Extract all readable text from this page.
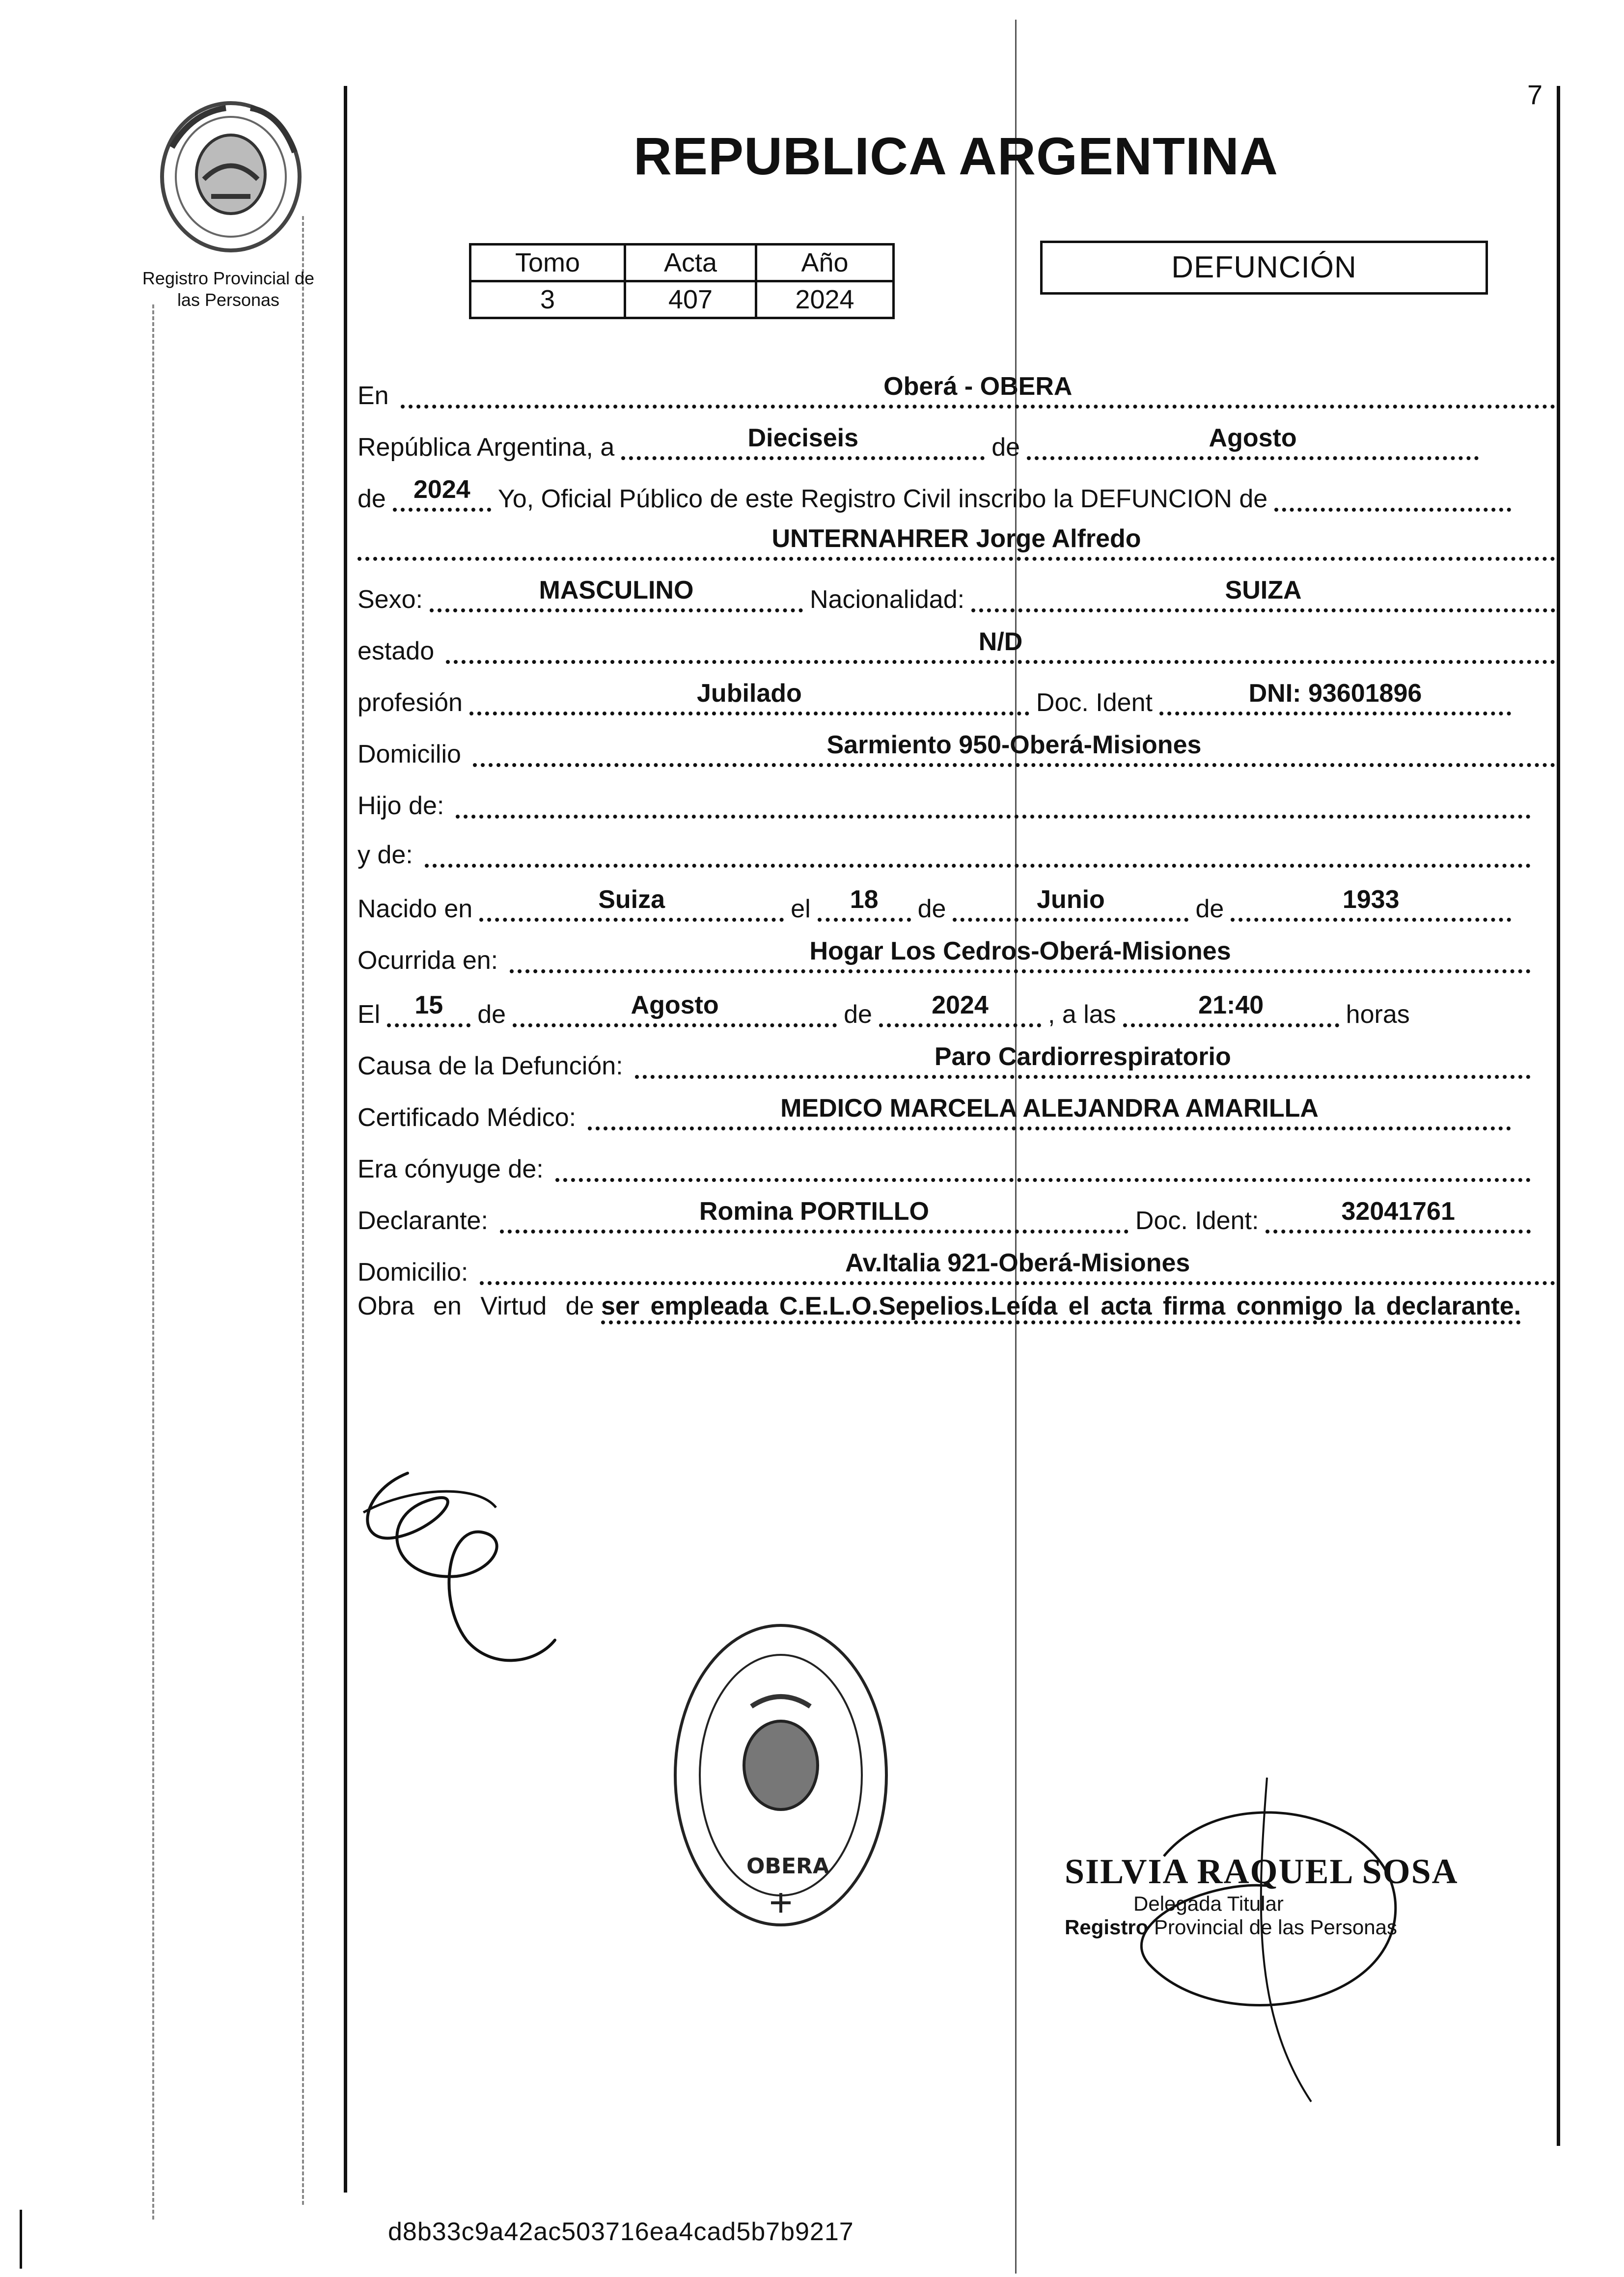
Registro Provincial de
las Personas
REPUBLICA ARGENTINA
7
Tomo	Acta	Año
3	407	2024
DEFUNCIÓN
En	Oberá - OBERA
República Argentina, a	Dieciseis	de	Agosto
de	2024	Yo, Oficial Público de este Registro Civil inscribo la DEFUNCION de
UNTERNAHRER Jorge Alfredo
Sexo:	MASCULINO	Nacionalidad:	SUIZA
estado	N/D
profesión	Jubilado	Doc. Ident	DNI: 93601896
Domicilio	Sarmiento 950-Oberá-Misiones
Hijo de:
y de:
Nacido en	Suiza	el	18	de	Junio	de	1933
Ocurrida en:	Hogar Los Cedros-Oberá-Misiones
El	15	de	Agosto	de	2024	, a las	21:40	horas
Causa de la Defunción:	Paro Cardiorrespiratorio
Certificado Médico:	MEDICO MARCELA ALEJANDRA AMARILLA
Era cónyuge de:
Declarante:	Romina PORTILLO	Doc. Ident:	32041761
Domicilio:	Av.Italia 921-Oberá-Misiones
Obra en Virtud de ser empleada C.E.L.O.Sepelios.Leída el acta firma conmigo la declarante.
OBERA	SILVIA RAQUEL SOSA
Delegada Titular
Registro Provincial de las Personas
d8b33c9a42ac503716ea4cad5b7b9217
